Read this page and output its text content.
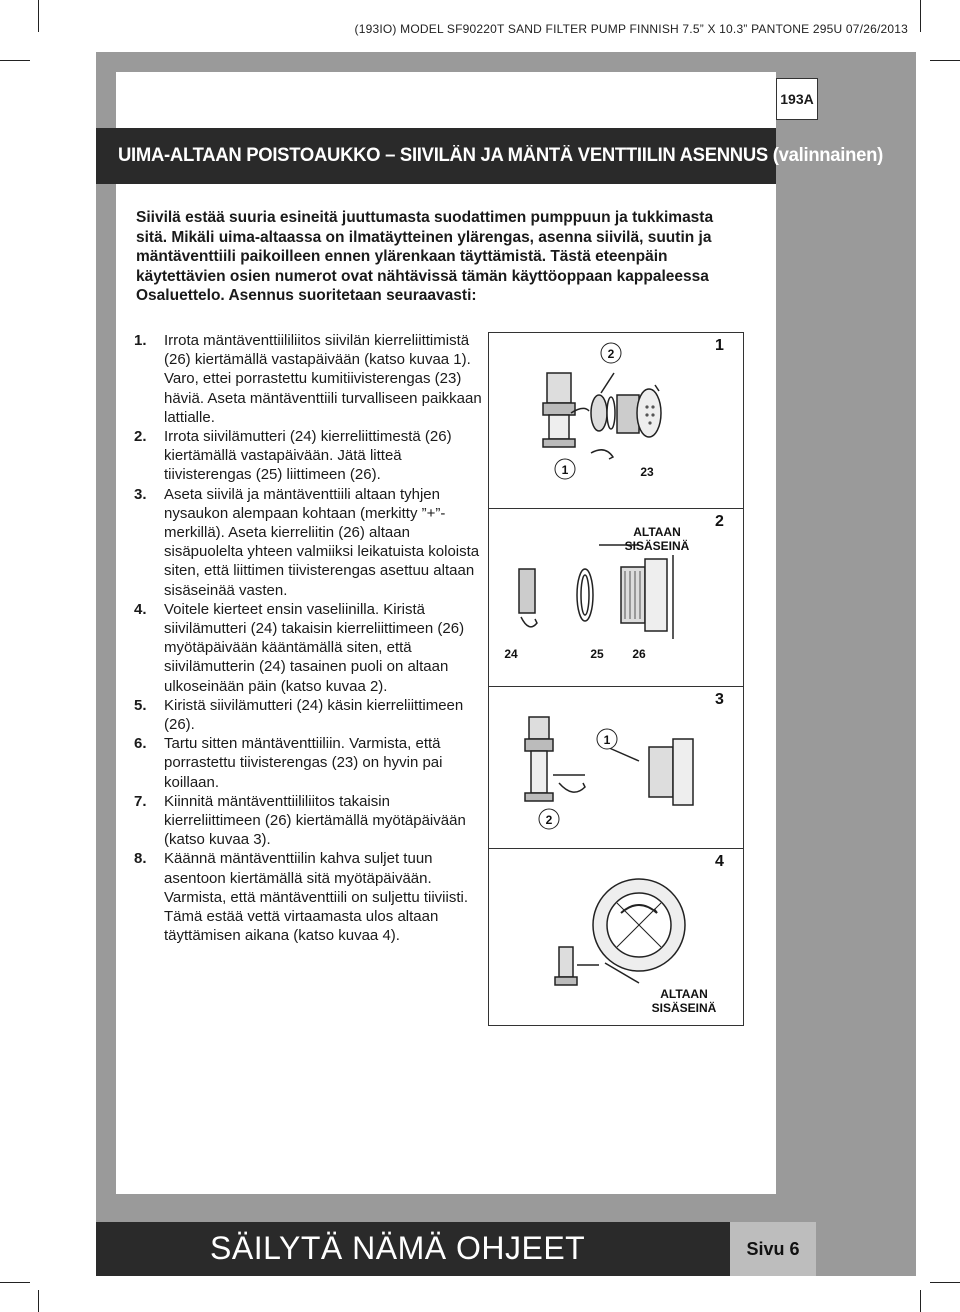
(193IO) MODEL SF90220T SAND FILTER PUMP FINNISH 7.5” X 10.3” PANTONE 295U 07/26/2013
Finnish	193A
UIMA-ALTAAN POISTOAUKKO – SIIVILÄN JA MÄNTÄ VENTTIILIN ASENNUS (valinnainen)
Siivilä estää suuria esineitä juuttumasta suodattimen pumppuun ja tukkimasta sitä. Mikäli uima-altaassa on ilmatäytteinen ylärengas, asenna siivilä, suutin ja mäntäventtiili paikoilleen ennen ylärenkaan täyttämistä. Tästä eteenpäin käytettävien osien numerot ovat nähtävissä tämän käyttöoppaan kappaleessa Osaluettelo. Asennus suoritetaan seuraavasti:
1.	Irrota mäntäventtiililiitos siivilän kierreliittimistä (26) kiertämällä vastapäivään (katso kuvaa 1). Varo, ettei porrastettu kumitiivisterengas (23) häviä. Aseta mäntäventtiili turvalliseen paikkaan lattialle.
2.	Irrota siivilämutteri (24) kierreliittimestä (26) kiertämällä vastapäivään. Jätä litteä tiivisterengas (25) liittimeen (26).
3.	Aseta siivilä ja mäntäventtiili altaan tyhjen nysaukon alempaan kohtaan (merkitty ”+”-merkillä). Aseta kierreliitin (26) altaan sisäpuolelta yhteen valmiiksi leikatuista koloista siten, että liittimen tiivisterengas asettuu altaan sisäseinää vasten.
4.	Voitele kierteet ensin vaseliinilla. Kiristä siivilämutteri (24) takaisin kierreliittimeen (26) myötäpäivään kääntämällä siten, että siivilämutterin (24) tasainen puoli on altaan ulkoseinään päin (katso kuvaa 2).
5.	Kiristä siivilämutteri (24) käsin kierreliittimeen (26).
6.	Tartu sitten mäntäventtiiliin. Varmista, että porrastettu tiivisterengas (23) on hyvin pai koillaan.
7.	Kiinnitä mäntäventtiililiitos takaisin kierreliittimeen (26) kiertämällä myötäpäivään (katso kuvaa 3).
8.	Käännä mäntäventtiilin kahva suljet tuun asentoon kiertämällä sitä myötäpäivään. Varmista, että mäntäventtiili on suljettu tiiviisti. Tämä estää vettä virtaamasta ulos altaan täyttämisen aikana (katso kuvaa 4).
2
1	23
1
ALTAAN SISÄSEINÄ
24	25 26
2
1
2
3
ALTAAN SISÄSEINÄ
4
SÄILYTÄ NÄMÄ OHJEET	Sivu 6
